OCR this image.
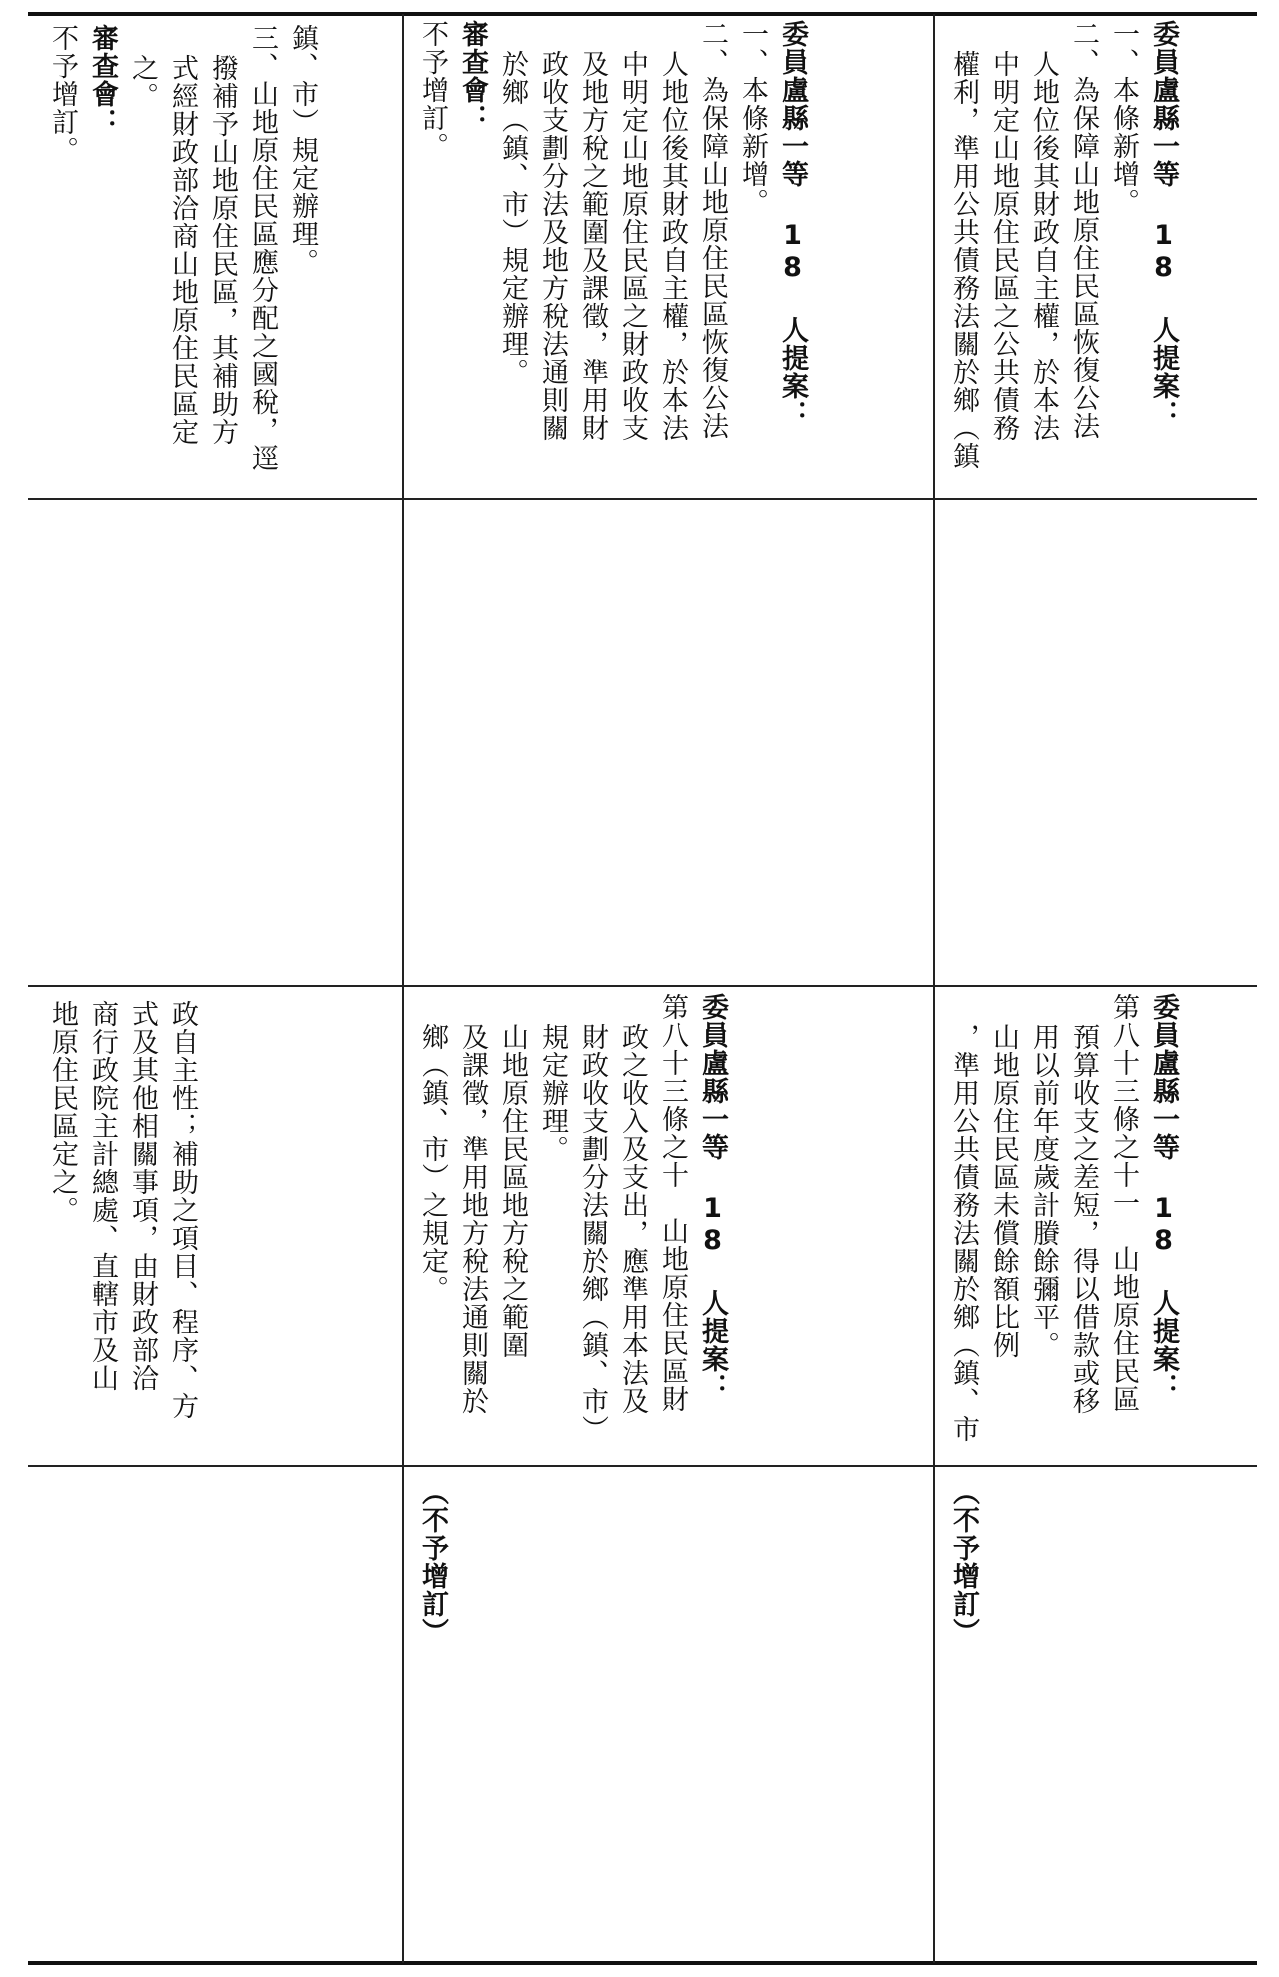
鎮、市）規定辦理。

三、山地原住民區應分配之國稅，逕

撥補予山地原住民區，其補助方

式經財政部洽商山地原住民區定

之。

審查會：

不予增訂。

政自主性；補助之項目、程序、方

式及其他相關事項，由財政部洽

商行政院主計總處、直轄市及山

地原住民區定之。

委員盧縣一等 18 人提案：

一、本條新增。

二、為保障山地原住民區恢復公法

人地位後其財政自主權，於本法

中明定山地原住民區之財政收支

及地方稅之範圍及課徵，準用財

政收支劃分法及地方稅法通則關

於鄉（鎮、市）規定辦理。

審查會：

不予增訂。

委員盧縣一等 18 人提案：

第八十三條之十　山地原住民區財

政之收入及支出，應準用本法及

財政收支劃分法關於鄉（鎮、市）

規定辦理。

山地原住民區地方稅之範圍

及課徵，準用地方稅法通則關於

鄉（鎮、市）之規定。

（不予增訂）

委員盧縣一等 18 人提案：

一、本條新增。

二、為保障山地原住民區恢復公法

人地位後其財政自主權，於本法

中明定山地原住民區之公共債務

權利，準用公共債務法關於鄉（鎮

委員盧縣一等 18 人提案：

第八十三條之十一　山地原住民區

預算收支之差短，得以借款或移

用以前年度歲計賸餘彌平。

山地原住民區未償餘額比例

，準用公共債務法關於鄉（鎮、市

（不予增訂）
